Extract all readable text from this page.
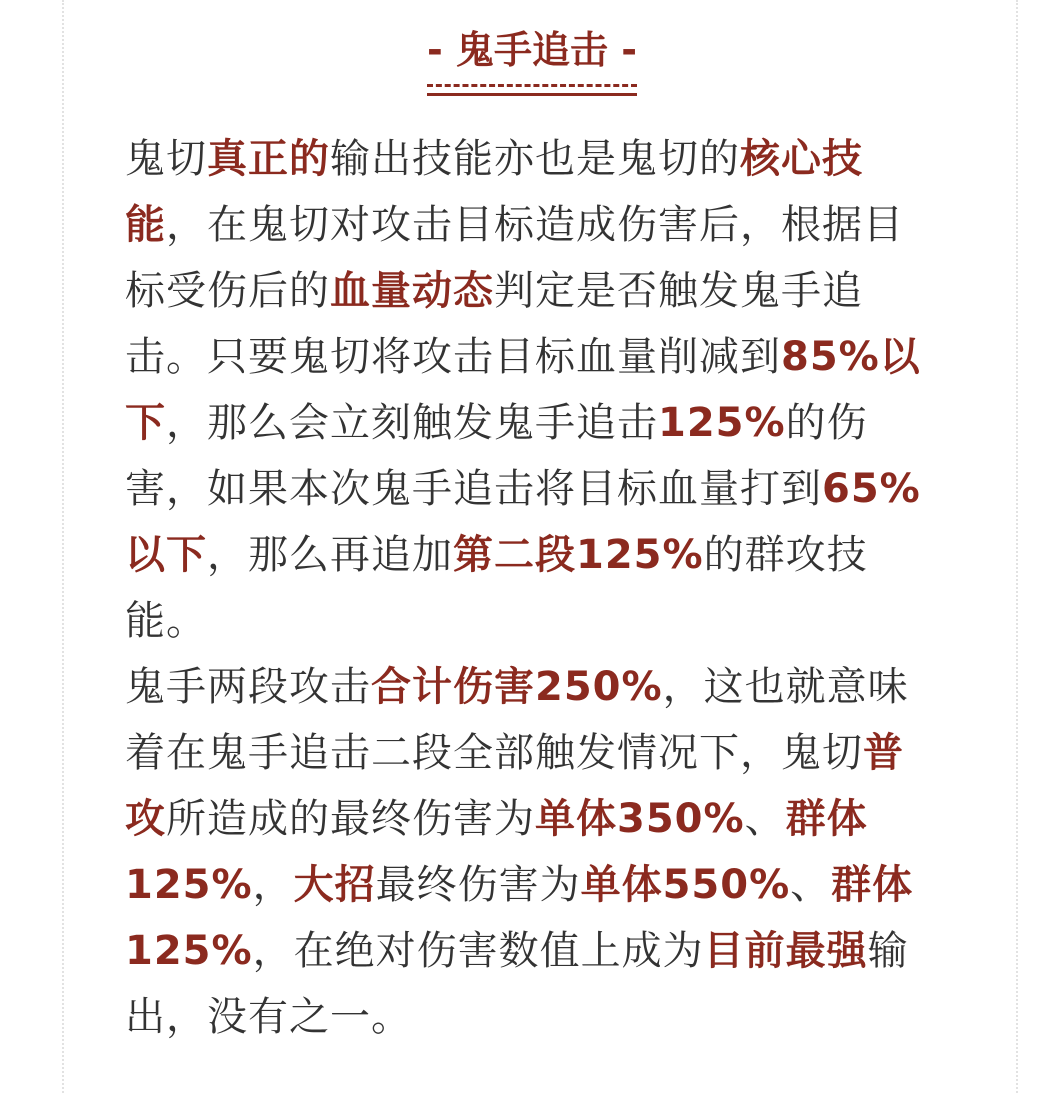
- 鬼手追击 -

鬼切真正的输出技能亦也是鬼切的核心技能，在鬼切对攻击目标造成伤害后，根据目标受伤后的血量动态判定是否触发鬼手追击。只要鬼切将攻击目标血量削减到85%以下，那么会立刻触发鬼手追击125%的伤害，如果本次鬼手追击将目标血量打到65%以下，那么再追加第二段125%的群攻技能。

鬼手两段攻击合计伤害250%，这也就意味着在鬼手追击二段全部触发情况下，鬼切普攻所造成的最终伤害为单体350%、群体125%，大招最终伤害为单体550%、群体125%，在绝对伤害数值上成为目前最强输出，没有之一。
